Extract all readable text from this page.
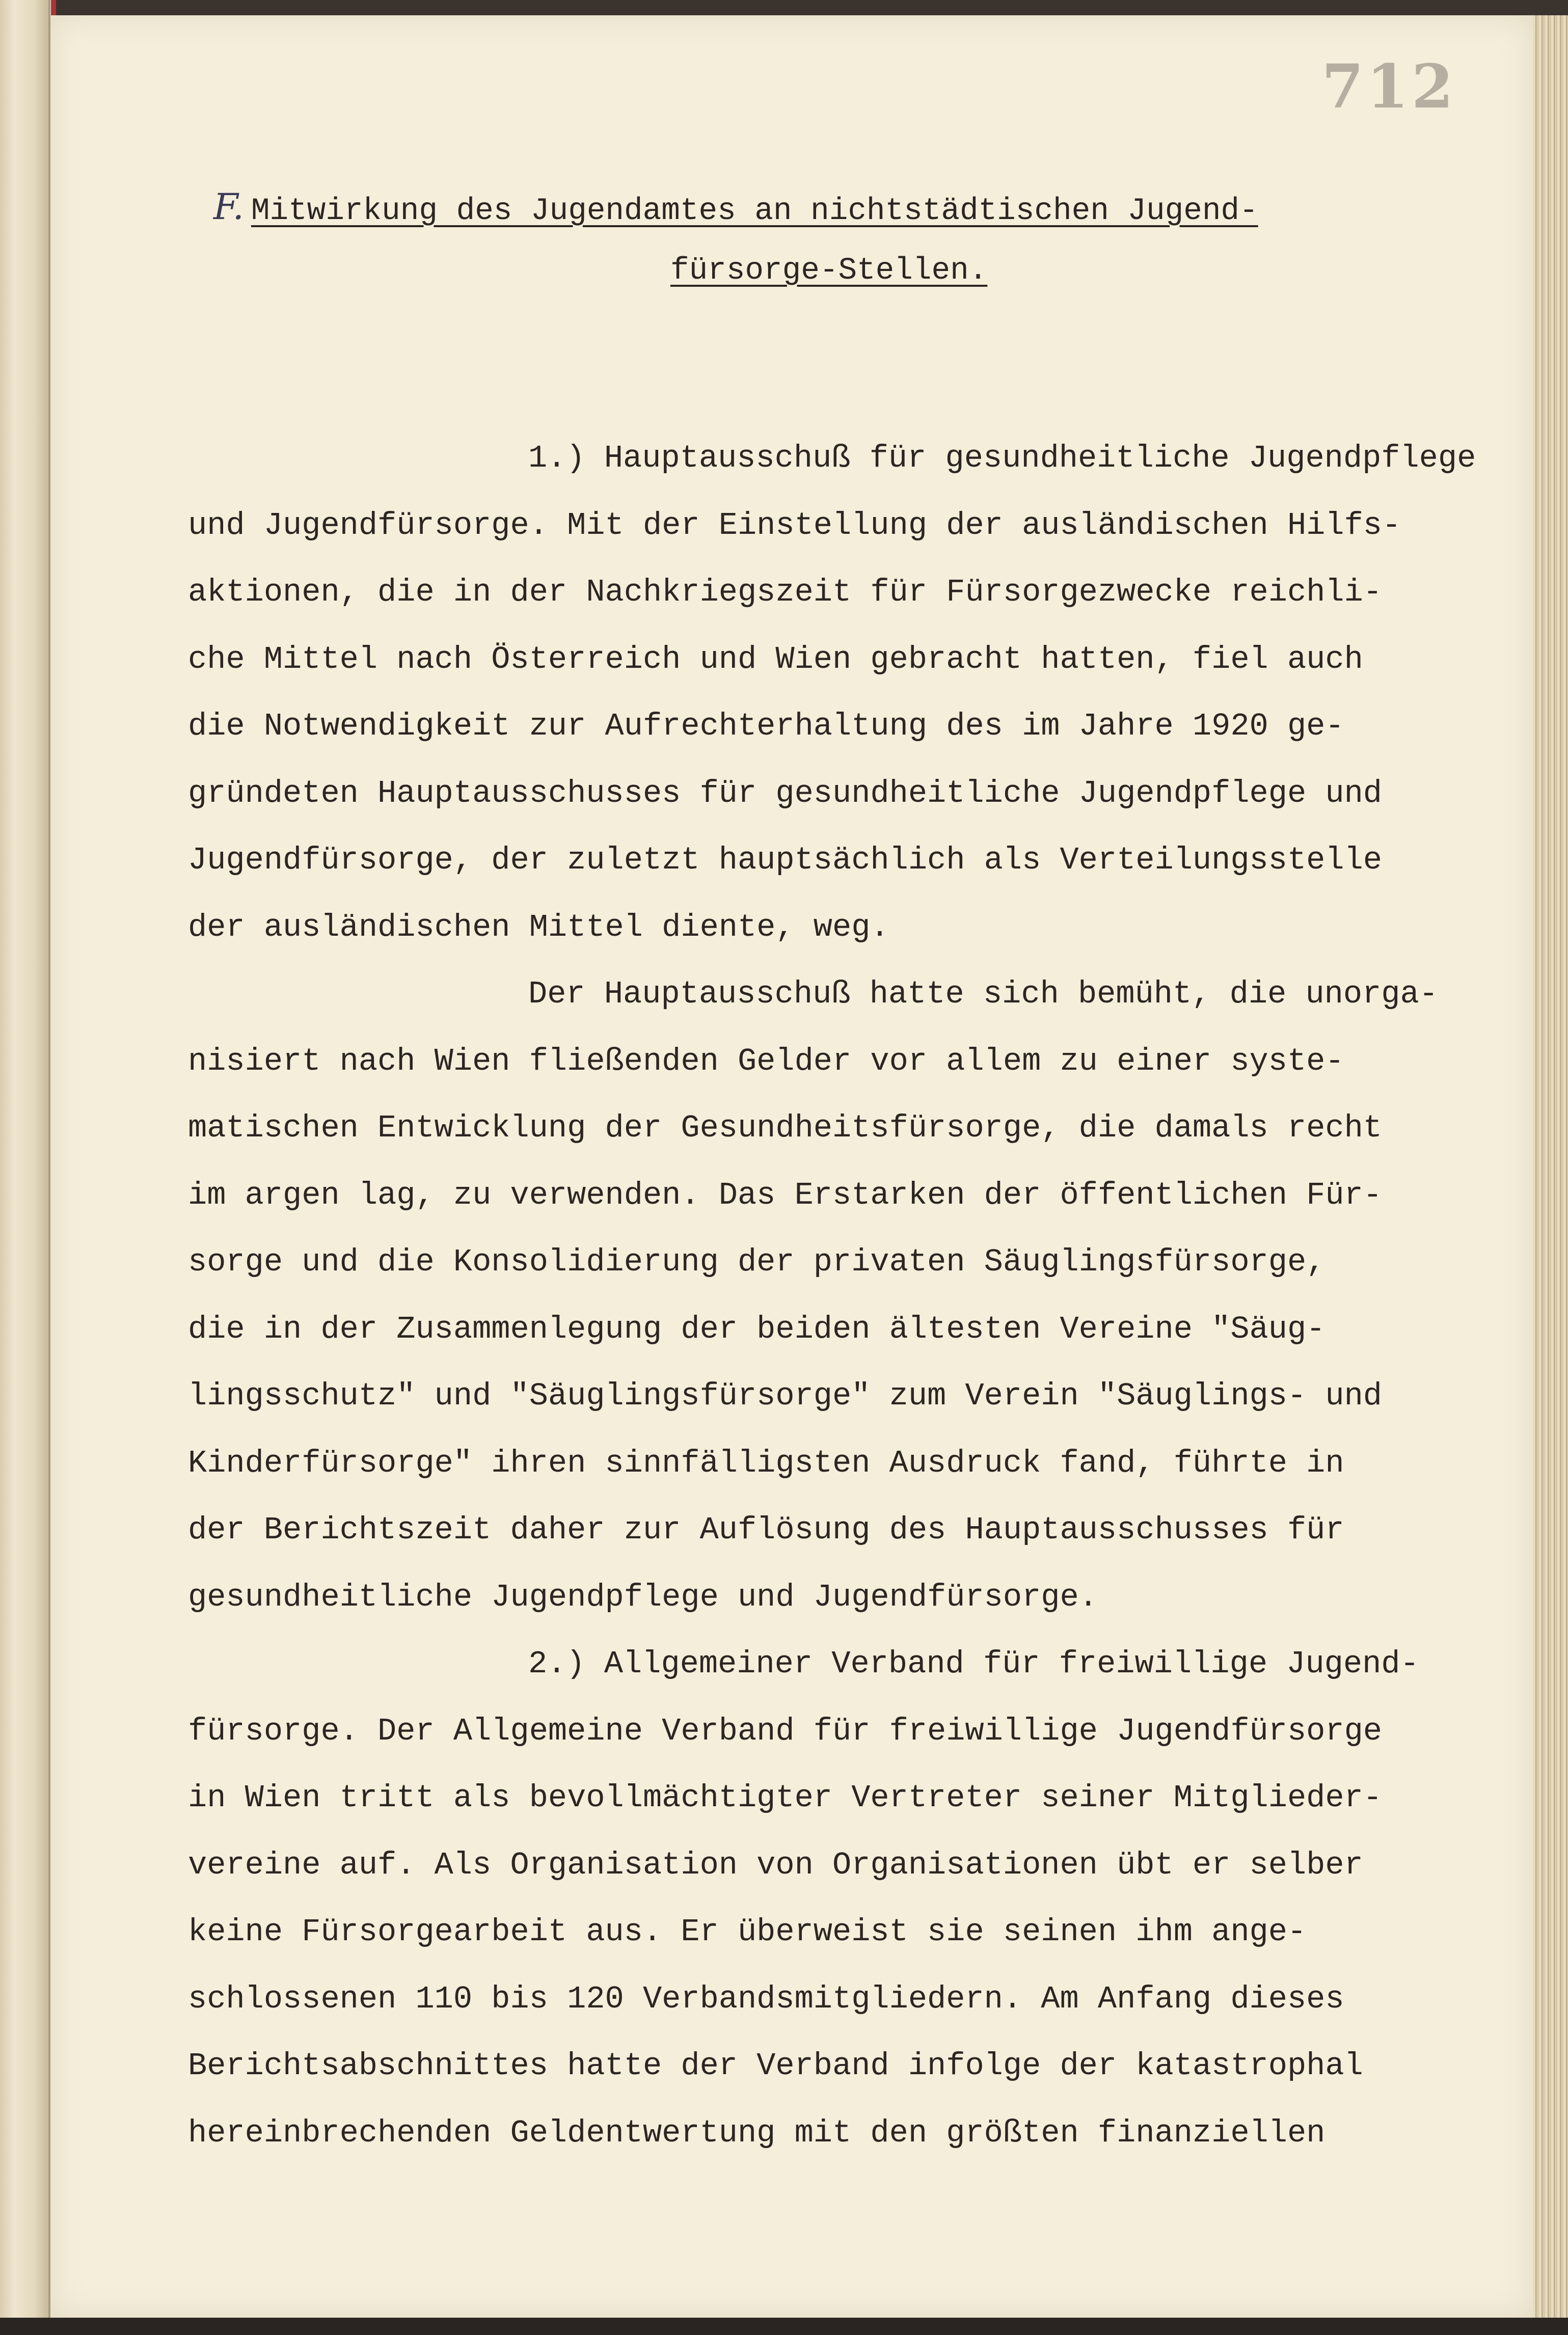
712
F. Mitwirkung des Jugendamtes an nichtstädtischen Jugend-
fürsorge-Stellen.

1.) Hauptausschuß für gesundheitliche Jugendpflege
und Jugendfürsorge. Mit der Einstellung der ausländischen Hilfs-
aktionen, die in der Nachkriegszeit für Fürsorgezwecke reichli-
che Mittel nach Österreich und Wien gebracht hatten, fiel auch
die Notwendigkeit zur Aufrechterhaltung des im Jahre 1920 ge-
gründeten Hauptausschusses für gesundheitliche Jugendpflege und
Jugendfürsorge, der zuletzt hauptsächlich als Verteilungsstelle
der ausländischen Mittel diente, weg.

Der Hauptausschuß hatte sich bemüht, die unorga-
nisiert nach Wien fließenden Gelder vor allem zu einer syste-
matischen Entwicklung der Gesundheitsfürsorge, die damals recht
im argen lag, zu verwenden. Das Erstarken der öffentlichen Für-
sorge und die Konsolidierung der privaten Säuglingsfürsorge,
die in der Zusammenlegung der beiden ältesten Vereine "Säug-
lingsschutz" und "Säuglingsfürsorge" zum Verein "Säuglings- und
Kinderfürsorge" ihren sinnfälligsten Ausdruck fand, führte in
der Berichtszeit daher zur Auflösung des Hauptausschusses für
gesundheitliche Jugendpflege und Jugendfürsorge.

2.) Allgemeiner Verband für freiwillige Jugend-
fürsorge. Der Allgemeine Verband für freiwillige Jugendfürsorge
in Wien tritt als bevollmächtigter Vertreter seiner Mitglieder-
vereine auf. Als Organisation von Organisationen übt er selber
keine Fürsorgearbeit aus. Er überweist sie seinen ihm ange-
schlossenen 110 bis 120 Verbandsmitgliedern. Am Anfang dieses
Berichtsabschnittes hatte der Verband infolge der katastrophal
hereinbrechenden Geldentwertung mit den größten finanziellen
